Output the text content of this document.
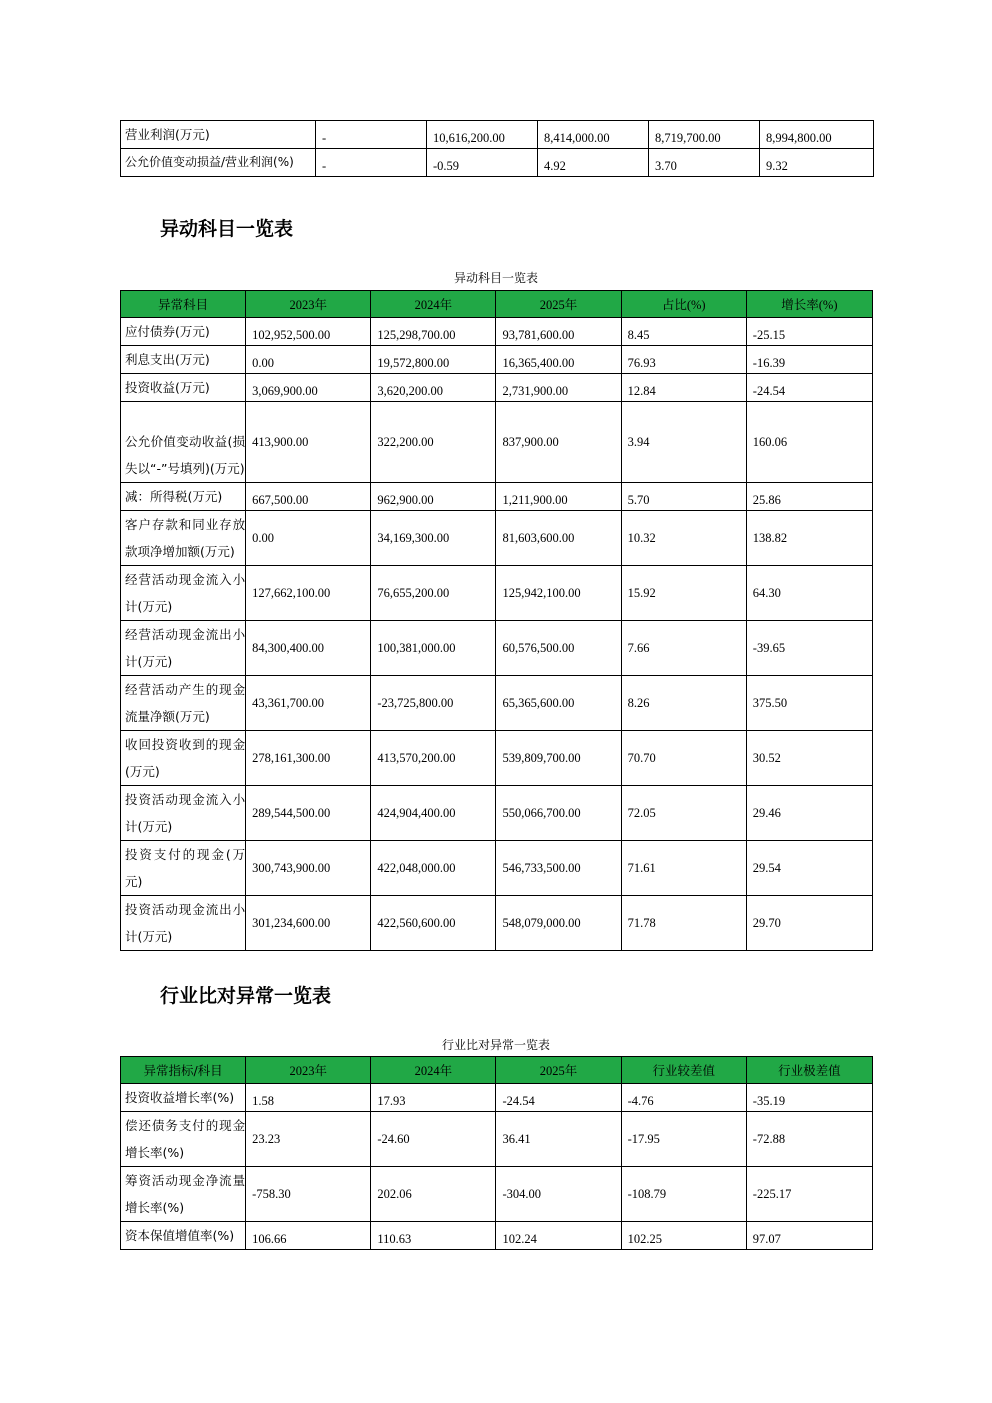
营业利润(万元)	-	10,616,200.00	8,414,000.00	8,719,700.00	8,994,800.00
公允价值变动损益/营业利润(%)	-	-0.59	4.92	3.70	9.32
异动科目一览表
异动科目一览表
异常科目	2023年	2024年	2025年	占比(%)	增长率(%)
应付债券(万元)	102,952,500.00	125,298,700.00	93,781,600.00	8.45	-25.15
利息支出(万元)	0.00	19,572,800.00	16,365,400.00	76.93	-16.39
投资收益(万元)	3,069,900.00	3,620,200.00	2,731,900.00	12.84	-24.54
公允价值变动收益(损失以“-”号填列)(万元)	413,900.00	322,200.00	837,900.00	3.94	160.06
减：所得税(万元)	667,500.00	962,900.00	1,211,900.00	5.70	25.86
客户存款和同业存放款项净增加额(万元)	0.00	34,169,300.00	81,603,600.00	10.32	138.82
经营活动现金流入小计(万元)	127,662,100.00	76,655,200.00	125,942,100.00	15.92	64.30
经营活动现金流出小计(万元)	84,300,400.00	100,381,000.00	60,576,500.00	7.66	-39.65
经营活动产生的现金流量净额(万元)	43,361,700.00	-23,725,800.00	65,365,600.00	8.26	375.50
收回投资收到的现金(万元)	278,161,300.00	413,570,200.00	539,809,700.00	70.70	30.52
投资活动现金流入小计(万元)	289,544,500.00	424,904,400.00	550,066,700.00	72.05	29.46
投资支付的现金(万元)	300,743,900.00	422,048,000.00	546,733,500.00	71.61	29.54
投资活动现金流出小计(万元)	301,234,600.00	422,560,600.00	548,079,000.00	71.78	29.70
行业比对异常一览表
行业比对异常一览表
异常指标/科目	2023年	2024年	2025年	行业较差值	行业极差值
投资收益增长率(%)	1.58	17.93	-24.54	-4.76	-35.19
偿还债务支付的现金增长率(%)	23.23	-24.60	36.41	-17.95	-72.88
筹资活动现金净流量增长率(%)	-758.30	202.06	-304.00	-108.79	-225.17
资本保值增值率(%)	106.66	110.63	102.24	102.25	97.07
